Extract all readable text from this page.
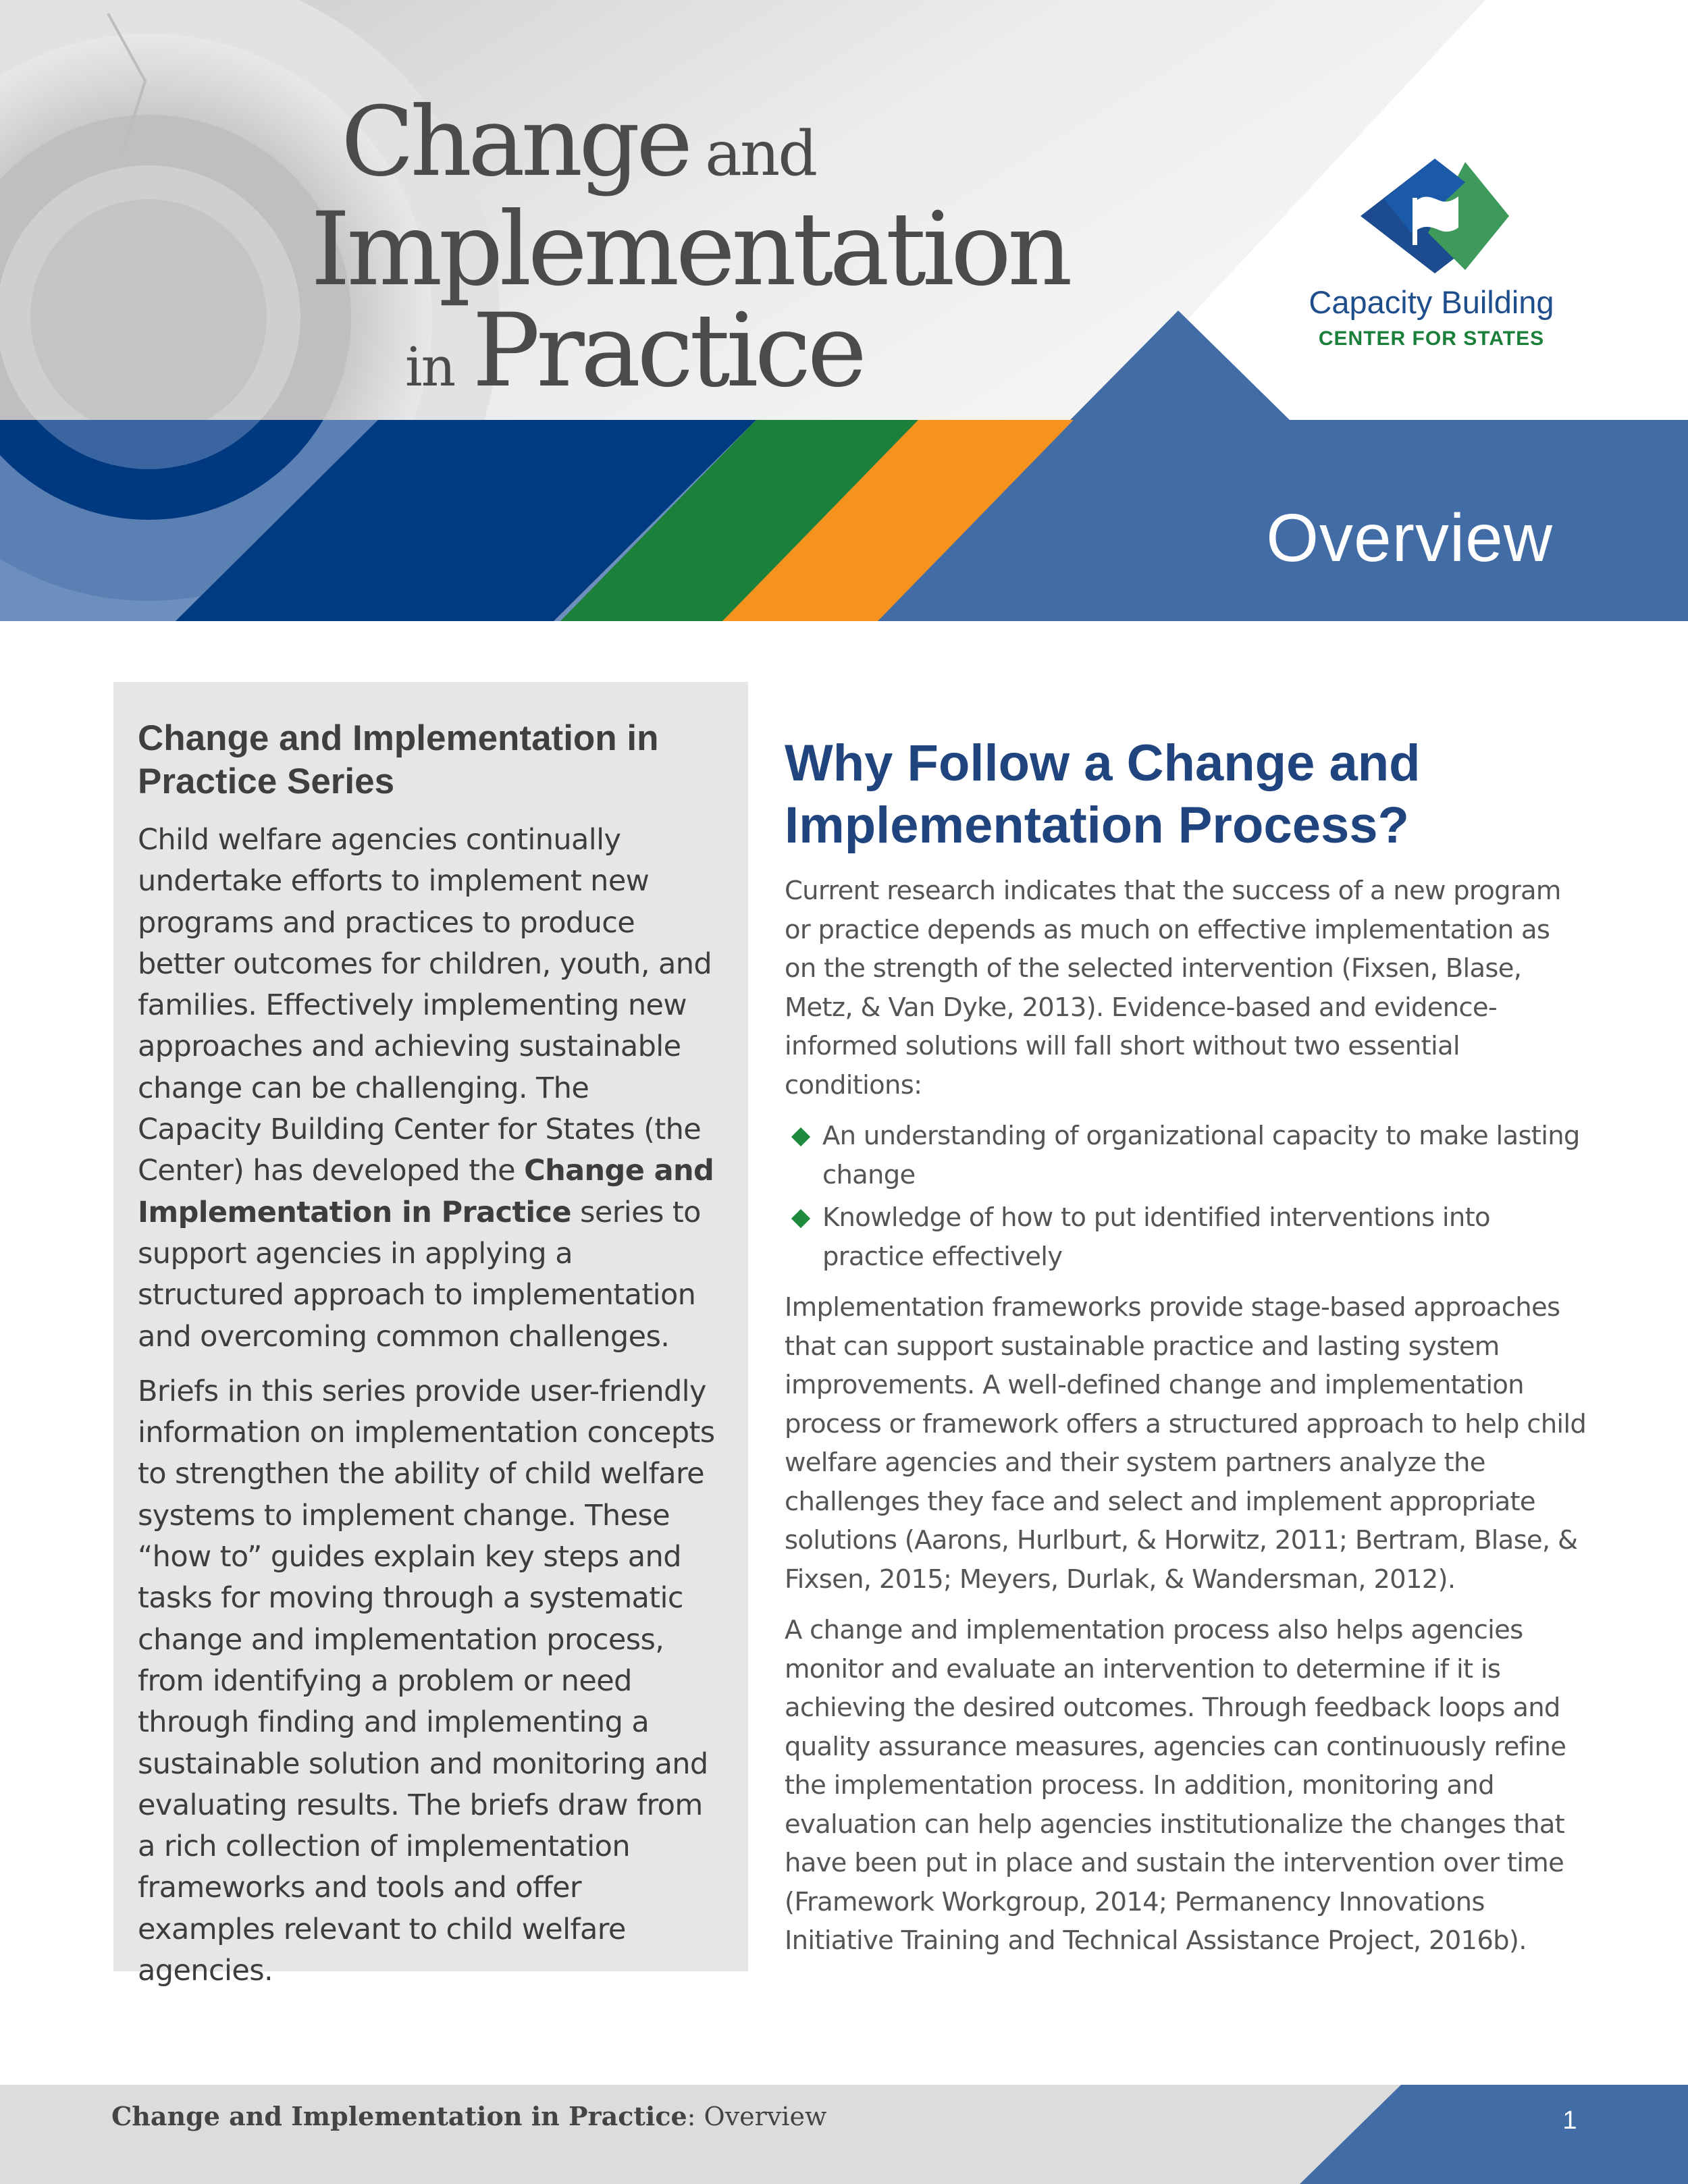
Change and
Implementation
in Practice	Capacity Building
CENTER FOR STATES
Overview
Change and Implementation in Practice Series

Child welfare agencies continually undertake efforts to implement new programs and practices to produce better outcomes for children, youth, and families. Effectively implementing new approaches and achieving sustainable change can be challenging. The Capacity Building Center for States (the Center) has developed the Change and Implementation in Practice series to support agencies in applying a structured approach to implementation and overcoming common challenges.

Briefs in this series provide user-friendly information on implementation concepts to strengthen the ability of child welfare systems to implement change. These “how to” guides explain key steps and tasks for moving through a systematic change and implementation process, from identifying a problem or need through finding and implementing a sustainable solution and monitoring and evaluating results. The briefs draw from a rich collection of implementation frameworks and tools and offer examples relevant to child welfare agencies.

Why Follow a Change and Implementation Process?

Current research indicates that the success of a new program or practice depends as much on effective implementation as on the strength of the selected intervention (Fixsen, Blase, Metz, & Van Dyke, 2013). Evidence-based and evidence-informed solutions will fall short without two essential conditions:

An understanding of organizational capacity to make lasting change
Knowledge of how to put identified interventions into practice effectively

Implementation frameworks provide stage-based approaches that can support sustainable practice and lasting system improvements. A well-defined change and implementation process or framework offers a structured approach to help child welfare agencies and their system partners analyze the challenges they face and select and implement appropriate solutions (Aarons, Hurlburt, & Horwitz, 2011; Bertram, Blase, & Fixsen, 2015; Meyers, Durlak, & Wandersman, 2012).

A change and implementation process also helps agencies monitor and evaluate an intervention to determine if it is achieving the desired outcomes. Through feedback loops and quality assurance measures, agencies can continuously refine the implementation process. In addition, monitoring and evaluation can help agencies institutionalize the changes that have been put in place and sustain the intervention over time (Framework Workgroup, 2014; Permanency Innovations Initiative Training and Technical Assistance Project, 2016b).

Change and Implementation in Practice: Overview	1
